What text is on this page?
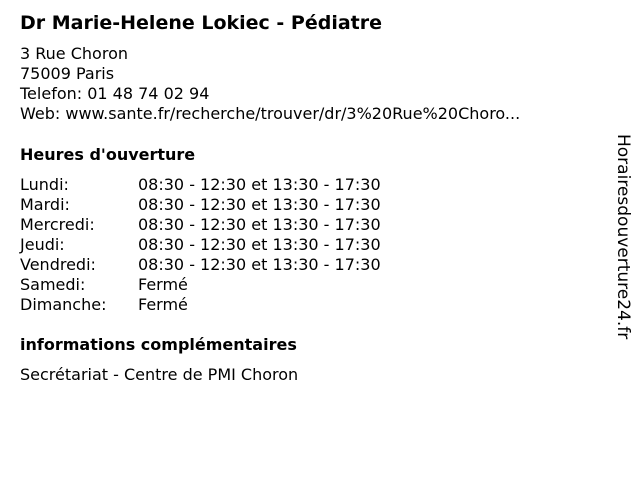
Dr Marie-Helene Lokiec - Pédiatre
3 Rue Choron
75009 Paris
Telefon: 01 48 74 02 94
Web: www.sante.fr/recherche/trouver/dr/3%20Rue%20Choro...
Heures d'ouverture
Lundi:	08:30 - 12:30 et 13:30 - 17:30
Mardi:	08:30 - 12:30 et 13:30 - 17:30
Mercredi:	08:30 - 12:30 et 13:30 - 17:30
Jeudi:	08:30 - 12:30 et 13:30 - 17:30
Vendredi:	08:30 - 12:30 et 13:30 - 17:30
Samedi:	Fermé
Dimanche:	Fermé
informations complémentaires
Secrétariat - Centre de PMI Choron
Horairesdouverture24.fr
